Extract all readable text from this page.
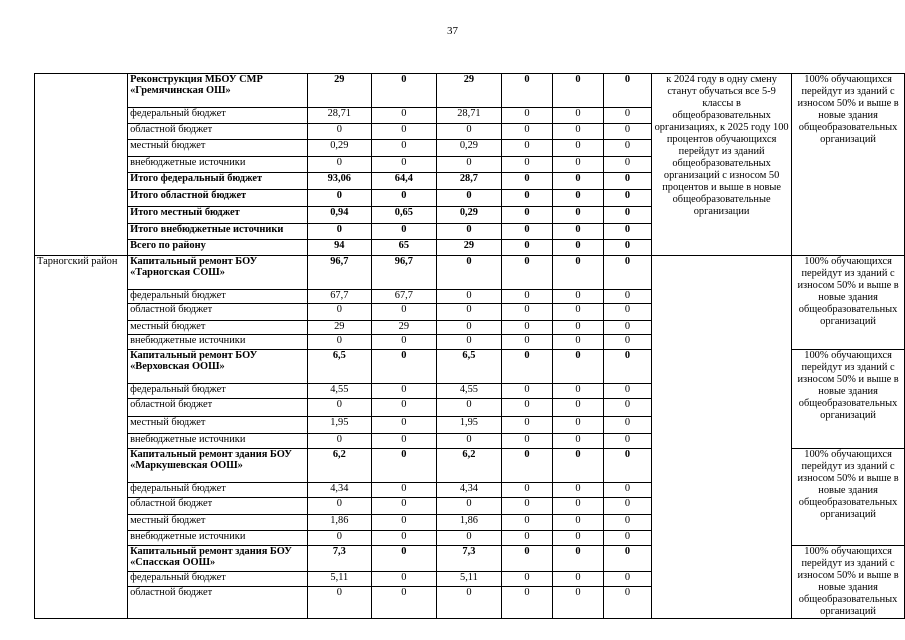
37
	Реконструкция МБОУ СМР «Гремячинская ОШ»	29	0	29	0	0	0	к 2024 году в одну смену станут обучаться все 5-9 классы в общеобразовательных организациях, к 2025 году 100 процентов обучающихся перейдут из зданий общеобразовательных организаций с износом 50 процентов и выше в новые общеобразовательные организации	100% обучающихся перейдут из зданий с износом 50% и выше в новые здания общеобразовательных организаций
	федеральный бюджет	28,71	0	28,71	0	0	0		
	областной бюджет	0	0	0	0	0	0		
	местный бюджет	0,29	0	0,29	0	0	0		
	внебюджетные источники	0	0	0	0	0	0		
	Итого федеральный бюджет	93,06	64,4	28,7	0	0	0		
	Итого областной бюджет	0	0	0	0	0	0		
	Итого местный бюджет	0,94	0,65	0,29	0	0	0		
	Итого внебюджетные источники	0	0	0	0	0	0		
	Всего по району	94	65	29	0	0	0		
Тарногский район	Капитальный ремонт БОУ «Тарногская СОШ»	96,7	96,7	0	0	0	0		100% обучающихся перейдут из зданий с износом 50% и выше в новые здания общеобразовательных организаций
	федеральный бюджет	67,7	67,7	0	0	0	0		
	областной бюджет	0	0	0	0	0	0		
	местный бюджет	29	29	0	0	0	0		
	внебюджетные источники	0	0	0	0	0	0		
	Капитальный ремонт БОУ «Верховская ООШ»	6,5	0	6,5	0	0	0		100% обучающихся перейдут из зданий с износом 50% и выше в новые здания общеобразовательных организаций
	федеральный бюджет	4,55	0	4,55	0	0	0		
	областной бюджет	0	0	0	0	0	0		
	местный бюджет	1,95	0	1,95	0	0	0		
	внебюджетные источники	0	0	0	0	0	0		
	Капитальный ремонт здания БОУ «Маркушевская ООШ»	6,2	0	6,2	0	0	0		100% обучающихся перейдут из зданий с износом 50% и выше в новые здания общеобразовательных организаций
	федеральный бюджет	4,34	0	4,34	0	0	0		
	областной бюджет	0	0	0	0	0	0		
	местный бюджет	1,86	0	1,86	0	0	0		
	внебюджетные источники	0	0	0	0	0	0		
	Капитальный ремонт здания БОУ «Спасская ООШ»	7,3	0	7,3	0	0	0		100% обучающихся перейдут из зданий с износом 50% и выше в новые здания общеобразовательных организаций
	федеральный бюджет	5,11	0	5,11	0	0	0		
	областной бюджет	0	0	0	0	0	0		
